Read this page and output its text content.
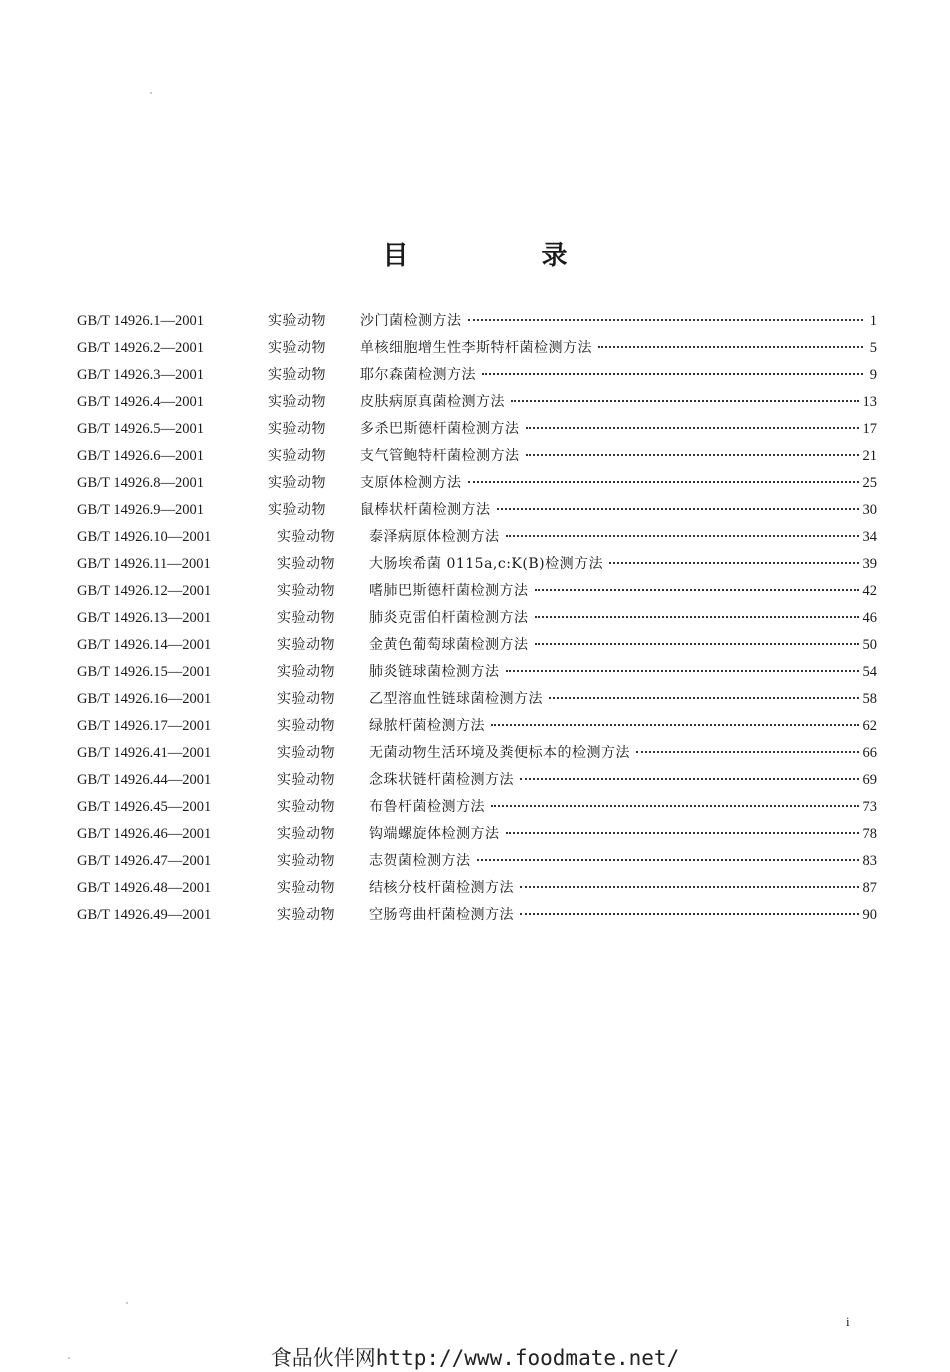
目 录
GB/T 14926.1—2001	实验动物	沙门菌检测方法	1
GB/T 14926.2—2001	实验动物	单核细胞增生性李斯特杆菌检测方法	5
GB/T 14926.3—2001	实验动物	耶尔森菌检测方法	9
GB/T 14926.4—2001	实验动物	皮肤病原真菌检测方法	13
GB/T 14926.5—2001	实验动物	多杀巴斯德杆菌检测方法	17
GB/T 14926.6—2001	实验动物	支气管鲍特杆菌检测方法	21
GB/T 14926.8—2001	实验动物	支原体检测方法	25
GB/T 14926.9—2001	实验动物	鼠棒状杆菌检测方法	30
GB/T 14926.10—2001	实验动物	泰泽病原体检测方法	34
GB/T 14926.11—2001	实验动物	大肠埃希菌 0115a,c:K(B)检测方法	39
GB/T 14926.12—2001	实验动物	嗜肺巴斯德杆菌检测方法	42
GB/T 14926.13—2001	实验动物	肺炎克雷伯杆菌检测方法	46
GB/T 14926.14—2001	实验动物	金黄色葡萄球菌检测方法	50
GB/T 14926.15—2001	实验动物	肺炎链球菌检测方法	54
GB/T 14926.16—2001	实验动物	乙型溶血性链球菌检测方法	58
GB/T 14926.17—2001	实验动物	绿脓杆菌检测方法	62
GB/T 14926.41—2001	实验动物	无菌动物生活环境及粪便标本的检测方法	66
GB/T 14926.44—2001	实验动物	念珠状链杆菌检测方法	69
GB/T 14926.45—2001	实验动物	布鲁杆菌检测方法	73
GB/T 14926.46—2001	实验动物	钩端螺旋体检测方法	78
GB/T 14926.47—2001	实验动物	志贺菌检测方法	83
GB/T 14926.48—2001	实验动物	结核分枝杆菌检测方法	87
GB/T 14926.49—2001	实验动物	空肠弯曲杆菌检测方法	90
i
食品伙伴网http://www.foodmate.net/
